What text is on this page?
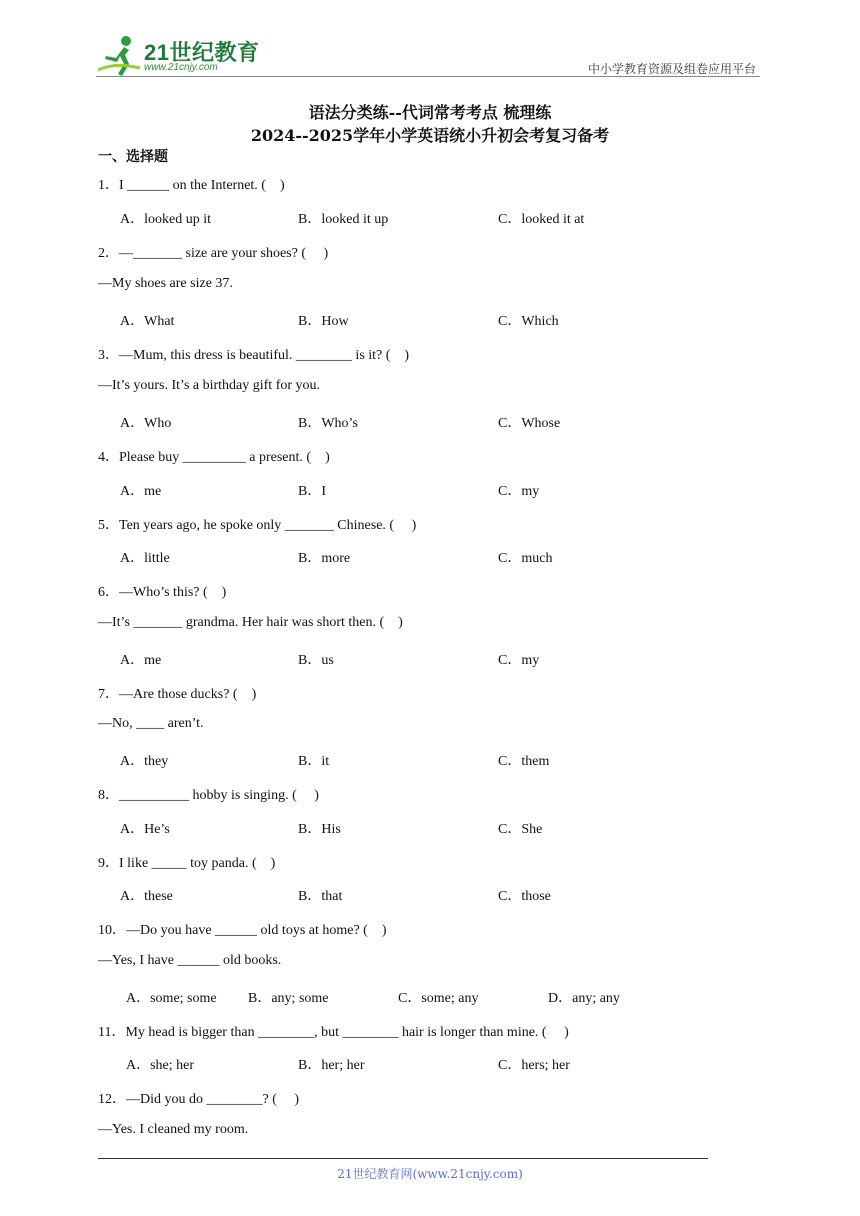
21世纪教育
www.21cnjy.com	中小学教育资源及组卷应用平台
语法分类练--代词常考考点 梳理练
2024--2025学年小学英语统小升初会考复习备考
一、选择题
1．I ______ on the Internet. (    )
A．looked up it	B．looked it up	C．looked it at
2．—_______ size are your shoes? (     )
—My shoes are size 37.
A．What	B．How	C．Which
3．—Mum, this dress is beautiful. ________ is it? (    )
—It’s yours. It’s a birthday gift for you.
A．Who	B．Who’s	C．Whose
4．Please buy _________ a present. (    )
A．me	B．I	C．my
5．Ten years ago, he spoke only _______ Chinese. (     )
A．little	B．more	C．much
6．—Who’s this? (    )
—It’s _______ grandma. Her hair was short then. (    )
A．me	B．us	C．my
7．—Are those ducks? (    )
—No, ____ aren’t.
A．they	B．it	C．them
8．__________ hobby is singing. (     )
A．He’s	B．His	C．She
9．I like _____ toy panda. (    )
A．these	B．that	C．those
10．—Do you have ______ old toys at home? (    )
—Yes, I have ______ old books.
A．some; some B．any; some	C．some; any	D．any; any
11．My head is bigger than ________, but ________ hair is longer than mine. (     )
A．she; her	B．her; her	C．hers; her
12．—Did you do ________? (     )
—Yes. I cleaned my room.
21世纪教育网(www.21cnjy.com)
